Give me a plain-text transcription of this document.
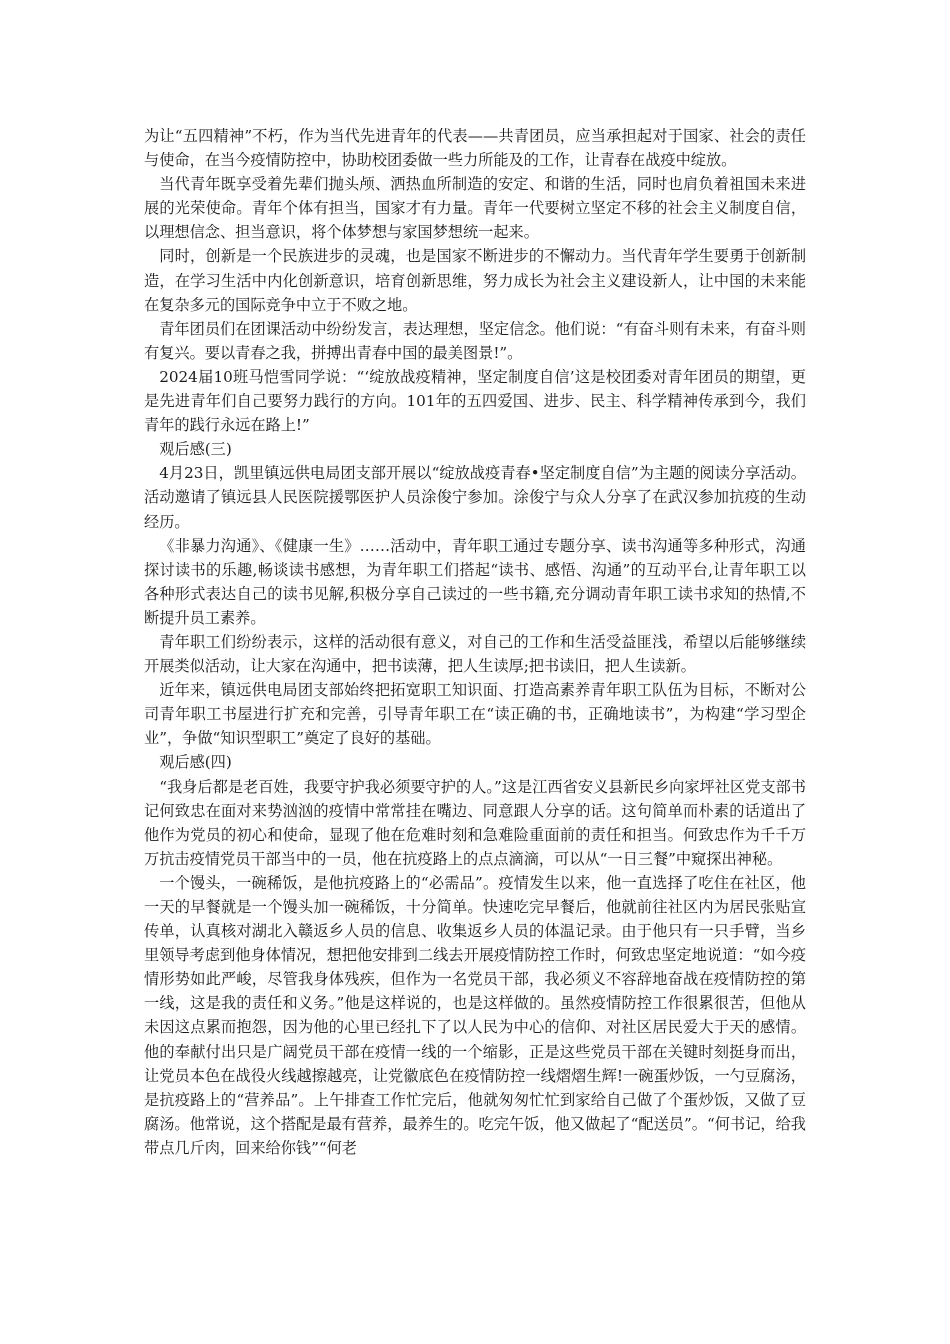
为让“五四精神”不朽，作为当代先进青年的代表——共青团员，应当承担起对于国家、社会的责任与使命，在当今疫情防控中，协助校团委做一些力所能及的工作，让青春在战疫中绽放。

当代青年既享受着先辈们抛头颅、洒热血所制造的安定、和谐的生活，同时也肩负着祖国未来进展的光荣使命。青年个体有担当，国家才有力量。青年一代要树立坚定不移的社会主义制度自信，以理想信念、担当意识，将个体梦想与家国梦想统一起来。

同时，创新是一个民族进步的灵魂，也是国家不断进步的不懈动力。当代青年学生要勇于创新制造，在学习生活中内化创新意识，培育创新思维，努力成长为社会主义建设新人，让中国的未来能在复杂多元的国际竞争中立于不败之地。

青年团员们在团课活动中纷纷发言，表达理想，坚定信念。他们说：“有奋斗则有未来，有奋斗则有复兴。要以青春之我，拼搏出青春中国的最美图景!”。

2024届10班马恺雪同学说：“‘绽放战疫精神，坚定制度自信’这是校团委对青年团员的期望，更是先进青年们自己要努力践行的方向。101年的五四爱国、进步、民主、科学精神传承到今，我们青年的践行永远在路上!”

观后感(三)

4月23日，凯里镇远供电局团支部开展以“绽放战疫青春•坚定制度自信”为主题的阅读分享活动。活动邀请了镇远县人民医院援鄂医护人员涂俊宁参加。涂俊宁与众人分享了在武汉参加抗疫的生动经历。

《非暴力沟通》、《健康一生》……活动中，青年职工通过专题分享、读书沟通等多种形式，沟通探讨读书的乐趣,畅谈读书感想，为青年职工们搭起“读书、感悟、沟通”的互动平台,让青年职工以各种形式表达自己的读书见解,积极分享自己读过的一些书籍,充分调动青年职工读书求知的热情,不断提升员工素养。

青年职工们纷纷表示，这样的活动很有意义，对自己的工作和生活受益匪浅，希望以后能够继续开展类似活动，让大家在沟通中，把书读薄，把人生读厚;把书读旧，把人生读新。

近年来，镇远供电局团支部始终把拓宽职工知识面、打造高素养青年职工队伍为目标，不断对公司青年职工书屋进行扩充和完善，引导青年职工在“读正确的书，正确地读书”，为构建“学习型企业”，争做“知识型职工”奠定了良好的基础。

观后感(四)

“我身后都是老百姓，我要守护我必须要守护的人。”这是江西省安义县新民乡向家坪社区党支部书记何致忠在面对来势汹汹的疫情中常常挂在嘴边、同意跟人分享的话。这句简单而朴素的话道出了他作为党员的初心和使命，显现了他在危难时刻和急难险重面前的责任和担当。何致忠作为千千万万抗击疫情党员干部当中的一员，他在抗疫路上的点点滴滴，可以从“一日三餐”中窥探出神秘。

一个馒头，一碗稀饭，是他抗疫路上的“必需品”。疫情发生以来，他一直选择了吃住在社区，他一天的早餐就是一个馒头加一碗稀饭，十分简单。快速吃完早餐后，他就前往社区内为居民张贴宣传单，认真核对湖北入赣返乡人员的信息、收集返乡人员的体温记录。由于他只有一只手臂，当乡里领导考虑到他身体情况，想把他安排到二线去开展疫情防控工作时，何致忠坚定地说道：“如今疫情形势如此严峻，尽管我身体残疾，但作为一名党员干部，我必须义不容辞地奋战在疫情防控的第一线，这是我的责任和义务。”他是这样说的，也是这样做的。虽然疫情防控工作很累很苦，但他从未因这点累而抱怨，因为他的心里已经扎下了以人民为中心的信仰、对社区居民爱大于天的感情。他的奉献付出只是广阔党员干部在疫情一线的一个缩影，正是这些党员干部在关键时刻挺身而出，让党员本色在战役火线越擦越亮，让党徽底色在疫情防控一线熠熠生辉!一碗蛋炒饭，一勺豆腐汤，是抗疫路上的“营养品”。上午排查工作忙完后，他就匆匆忙忙到家给自己做了个蛋炒饭，又做了豆腐汤。他常说，这个搭配是最有营养，最养生的。吃完午饭，他又做起了“配送员”。“何书记，给我带点几斤肉，回来给你钱”“何老
